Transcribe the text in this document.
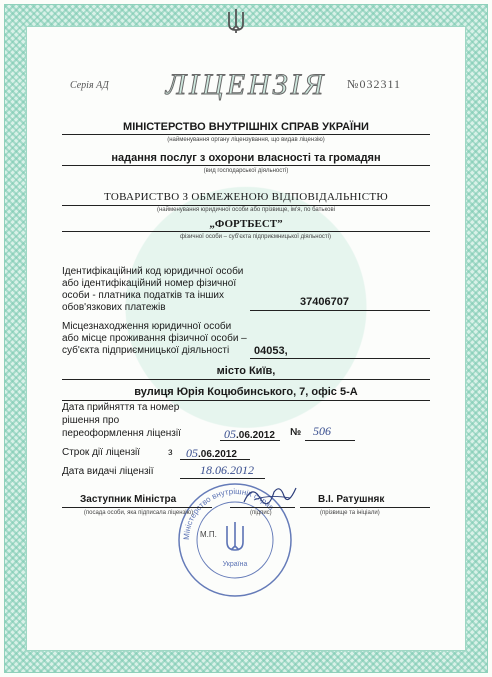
Серія АД	ЛІЦЕНЗІЯ	№032311
МІНІСТЕРСТВО ВНУТРІШНІХ СПРАВ УКРАЇНИ
(найменування органу ліцензування, що видав ліцензію)
надання послуг з охорони власності та громадян
(вид господарської діяльності)
ТОВАРИСТВО З ОБМЕЖЕНОЮ ВІДПОВІДАЛЬНІСТЮ
(найменування юридичної особи або прізвище, ім'я, по батькові
„ФОРТБЕСТ”
фізичної особи – суб'єкта підприємницької діяльності)
Ідентифікаційний код юридичної особи або ідентифікаційний номер фізичної особи - платника податків та інших обов'язкових платежів	37406707
Місцезнаходження юридичної особи або місце проживання фізичної особи – суб'єкта підприємницької діяльності	04053,
місто Київ,
вулиця Юрія Коцюбинського, 7, офіс 5-А
Дата прийняття та номер
рішення про
переоформлення ліцензії	05.06.2012 № 506
Строк дії ліцензії	з 05.06.2012
Дата видачі ліцензії	18.06.2012
Міністерство внутрішніх справ
Україна
Заступник Міністра
(посада особи, яка підписала ліцензію)	(підпис)
М.П.
В.І. Ратушняк
(прізвище та ініціали)
